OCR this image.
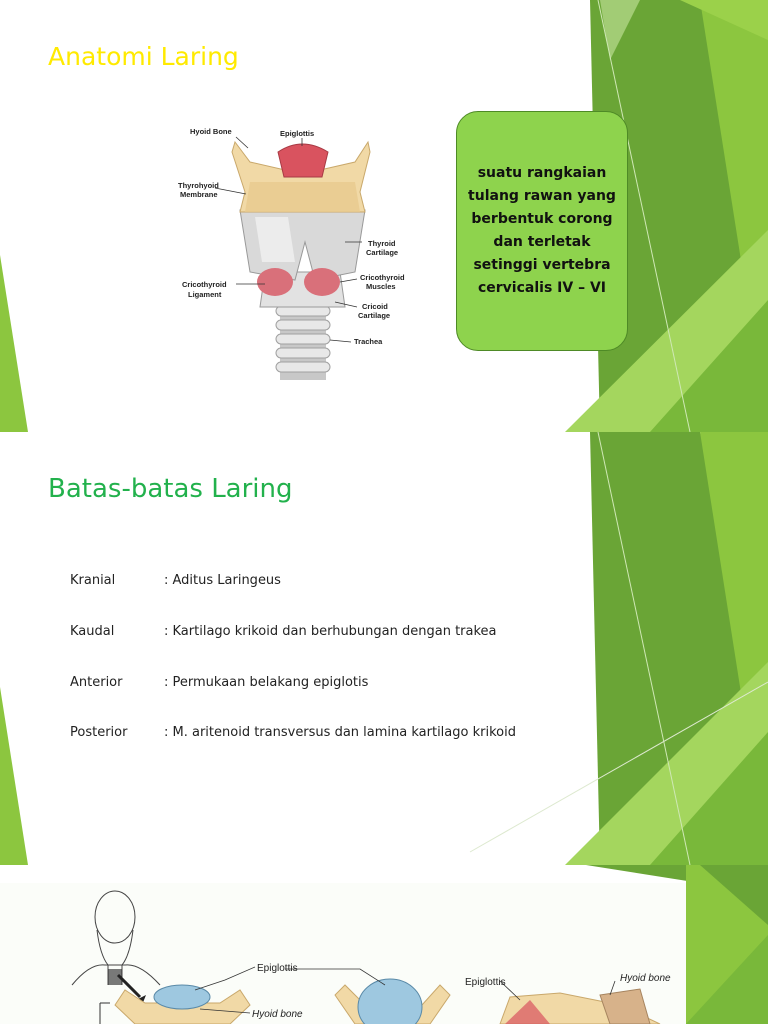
Anatomi Laring
Hyoid Bone	Epiglottis
Thyrohyoid
Membrane
Thyroid
Cartilage
Cricothyroid
Ligament
Cricothyroid
Muscles
Cricoid
Cartilage
Trachea
suatu rangkaian tulang rawan yang berbentuk corong dan terletak setinggi vertebra cervicalis IV – VI
Batas-batas Laring
Kranial	: Aditus Laringeus
Kaudal	: Kartilago krikoid dan berhubungan dengan trakea
Anterior	: Permukaan belakang epiglotis
Posterior	: M. aritenoid transversus dan lamina kartilago krikoid
Epiglottis
Hyoid bone
Epiglottis	Hyoid bone
